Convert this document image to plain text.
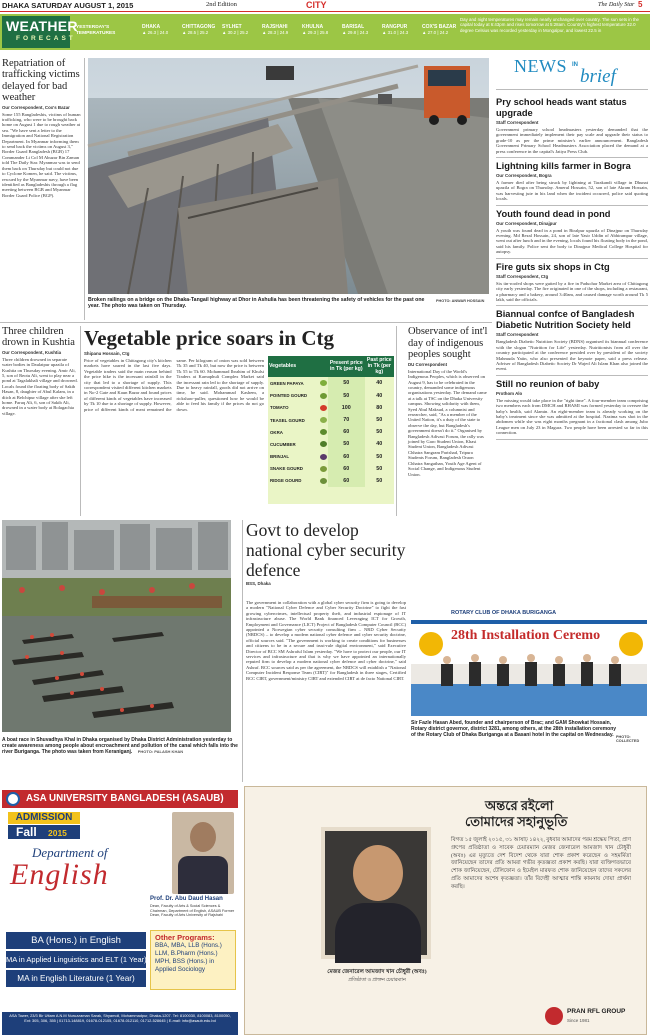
DHAKA SATURDAY AUGUST 1, 2015	2nd Edition	CITY	The Daily Star 5
WEATHER
FORECAST
YESTERDAY'S
TEMPERATURES
DHAKA
▲ 26.3 | 24.0
CHITTAGONG
▲ 28.5 | 25.2
SYLHET
▲ 30.2 | 25.2
RAJSHAHI
▲ 28.3 | 24.9
KHULNA
▲ 29.3 | 25.8
BARISAL
▲ 29.8 | 24.3
RANGPUR
▲ 31.0 | 24.3
COX'S BAZAR
▲ 27.0 | 24.2
Day and night temperatures may remain nearly unchanged over country. The sun sets in the capital today at 6:43pm and rises tomorrow at 5:28am. Country's highest temperature 32.0 degree Celsius was recorded yesterday in Mongalpur, and lowest 22.5 in
Repatriation of trafficking victims delayed for bad weather
Our Correspondent, Cox's Bazar
Some 155 Bangladeshis, victims of human trafficking, who were to be brought back home on August 1 due to rough weather at sea. "We have sent a letter to the Immigration and National Registration Department. In Myanmar informing them to send back the victims on August 3," Border Guard Bangladesh (BGB) 17 Commander Lt Col M Abuzar Bin Zaman told The Daily Star. Myanmar was to send them back on Thursday but could not due to Cyclone Komen, he said. The victims, rescued by the Myanmar navy, have been identified as Bangladeshis through a flag meeting between BGB and Myanmar Border Guard Police (BGP).
Broken railings on a bridge on the Dhaka-Tangail highway at Dhor in Ashulia has been threatening the safety of vehicles for the past one year. The photo was taken on Thursday.
PHOTO: ANWAR HOSSAIN
Three children drown in Kushtia
Our Correspondent, Kushtia
Three children drowned in separate water bodies in Daulatpur upazila of Kushtia on Thursday evening. Amir Ali, 5, son of Reotu Ali, went to play near a pond at Tagalakhali village and drowned. Locals found the floating body of Sakib Hasan, 8, daughter of Abul Kalam, in a ditch at Belchipur village after she left home. Faruq Ali, 6, son of Sakib Ali, drowned in a water body at Bolagachia village.
Vegetable price soars in Ctg
Shipanu Hossain, Ctg
Price of vegetables in Chittagong city's kitchen markets have soared in the last five days. Vegetable traders said the main reason behind the price hike is the incessant rainfall in the city that led to a shortage of supply. This correspondent visited different kitchen markets in No-2 Gate and Kaun Bazar and found prices of different kinds of vegetables have increased by Tk 10 due to a shortage of supply. However, price of different kinds of meat remained the same. Per kilogram of onion was sold between Tk 35 and Tk 40, but now the price is between Tk 55 to Tk 60. Mohammad Ibrahim of Khulsi Traders at Karnaphuli Complex Market said the incessant rain led to the shortage of supply. Due to heavy rainfall, goods did not arrive on time, he said. Mohammad Kashem, a rickshaw-puller, questioned how he would be able to feed his family if the prices do not go down.
Vegetables	Present price in Tk (per kg)	Past price in Tk (per kg)
GREEN PAPAYA	50	40
POINTED GOURD	50	40
TOMATO	100	80
TEASEL GOURD	70	50
OKRA	60	50
CUCUMBER	50	40
BRINJAL	60	50
SNAKE GOURD	60	50
RIDGE GOURD	60	50
Observance of int'l day of indigenous peoples sought
DU Correspondent
International Day of the World's Indigenous Peoples, which is observed on August 9, has to be celebrated in the country, demanded some indigenous organisations yesterday. The demand came at a talk at TSC on the Dhaka University campus. Showing solidarity with them, Syed Abul Maksud, a columnist and researcher, said, "As a member of the United Nation, it's a duty of the state to observe the day, but Bangladesh's government doesn't do it." Organised by Bangladesh Adivasi Forum, the rally was joined by Garo Student Union, Khasi Student Union, Bangladesh Adivasi Chhatra Sangram Parishad, Tripura Students Forum, Bangladesh Oraon Chhatra Sangathan, Youth Age Agent of Social Change, and Indigenous Student Union.
A boat race in Shuvadhya Khal in Dhaka organised by Dhaka District Administration yesterday to create awareness among people about encroachment and pollution of the canal which falls into the river Buriganga. The photo was taken from Keraniganj. PHOTO: PALASH KHAN
Govt to develop national cyber security defence
BSS, Dhaka
The government in collaboration with a global cyber security firm is going to develop a modern "National Cyber Defence and Cyber Security Doctrine" to fight the fast growing cybercrimes, intellectual property theft, and industrial espionage of IT infrastructure abuse. The World Bank financed Leveraging ICT for Growth, Employment and Governance (LICT) Project of Bangladesh Computer Council (BCC) appointed a Norwegian cyber security consulting firm – NRD Cyber Security (NRDCS) – to develop a modern national cyber defence and cyber security doctrine, official sources said. "The government is working to create conditions for businesses and citizens to be in a secure and trust-rule digital environment," said Executive Director of BCC SM Ashraful Islam yesterday. "We have to protect our people, our IT services and infrastructure and that is why we have appointed an internationally reputed firm to develop a modern national cyber defence and cyber doctrine," said Ashraf. BCC sources said as per the agreement, the NRDCS will establish a "National Computer Incident Response Team (CIRT)" for Bangladesh in three stages, Certified BCC CIRT, government/ministry CIRT and extended CIRT at de facto National CIRT.
ROTARY CLUB OF DHAKA BURIGANGA
28th Installation Ceremo
Sir Fazle Hasan Abed, founder and chairperson of Brac; and GAM Showkat Hossain, Rotary district governor, district 3281, among others, at the 28th installation ceremony of the Rotary Club of Dhaka Buriganga at a Basani hotel in the capital on Wednesday. PHOTO: COLLECTED
NEWS IN
brief
Pry school heads want status upgrade
Staff Correspondent
Government primary school headmasters yesterday demanded that the government immediately implement their pay scale and upgrade their status to grade-10 as per the prime minister's earlier announcement. Bangladesh Government Primary School Headmasters Association placed the demand at a press conference in the capital's Jatiya Press Club.
Lightning kills farmer in Bogra
Our Correspondent, Bogra
A farmer died after being struck by lightning at Tarakandi village in Dhunat upazila of Bogra on Thursday. Amerul Hossain, 52, son of late Akram Hossain, was harvesting jute in his land when the incident occurred, police said quoting locals.
Youth found dead in pond
Our Correspondent, Dinajpur
A youth was found dead in a pond in Biralpur upazila of Dinajpur on Thursday evening. Md Rezal Hossain, 24, son of late Yasir Uddin of Abhirampur village, went out after lunch and in the evening, locals found his floating body in the pond, said his family. Police sent the body to Dinajpur Medical College Hospital for autopsy.
Fire guts six shops in Ctg
Staff Correspondent, Ctg
Six tin-roofed shops were gutted by a fire in Paduchar Market area of Chittagong city early yesterday. The fire originated in one of the shops, including a restaurant, a pharmacy and a bakery, around 3:40am, and caused damage worth around Tk 5 lakh, said the officials.
Biannual confce of Bangladesh Diabetic Nutrition Society held
Staff Correspondent
Bangladesh Diabetic Nutrition Society (BDNS) organised its biannual conference with the slogan "Nutrition for Life" yesterday. Nutritionists from all over the country participated at the conference presided over by president of the society Mahmuda Yatin, who also presented the keynote paper, said a press release. Adviser of Bangladesh Diabetic Society Dr Wajed Ali Islam Khan also joined the event.
Still no reunion of baby
Prothom Alo
The missing would take place in the "right time". A four-member team comprising two members each from DMCH and RHAMI was formed yesterday to oversee the baby's health, said Alamin. An eight-member team is already working on the baby's treatment since she was admitted at the hospital. Nazima was shot in the abdomen while she was eight months pregnant in a factional clash among Jubo League men on July 23 in Magura. Two people have been arrested so far in this connection.
ASA UNIVERSITY BANGLADESH (ASAUB)
ADMISSION
Fall 2015
Department of
English
Prof. Dr. Abu Daud Hasan
Dean, Faculty of Arts & Social Sciences & Chairman, Department of English, ASAUB Former Dean, Faculty of Arts University of Rajshahi
BA (Hons.) in English
MA in Applied Linguistics and ELT (1 Year)
MA in English Literature (1 Year)
Other Programs:
BBA, MBA, LLB (Hons.)
LLM, B.Pharm (Hons.)
MPH, BSS (Hons.) in
Applied Sociology
ASA Tower, 23/3 Bir Uttam A.N.M Nuruzzaman Sarak, Shyamoli, Mohammadpur, Dhaka-1207. Tel: 8100030, 8100083, 8100050, Ext: 305, 306, 355 | 01713-148819, 01678-012105, 01678-012110, 01712-528645 | E-mail: info@asaub.edu.bd
অন্তরে রইলো
তোমাদের সহানুভূতি
বিগত ১৫ জুলাই ২০১৫, ৩১ আষাঢ় ১৪২২, বুধবার আমাদের পরম শ্রদ্ধেয় পিতা, প্রাণ গ্রুপের প্রতিষ্ঠাতা ও সাবেক চেয়ারম্যান মেজর জেনারেল আমজাদ খান চৌধুরী (অবঃ) এর মৃত্যুতে দেশ বিদেশ থেকে যারা শোক প্রকাশ করেছেন ও সহমর্মিতা জানিয়েছেন তাদের প্রতি আমরা গভীর কৃতজ্ঞতা প্রকাশ করছি। যারা ব্যক্তিগতভাবে শোক জানিয়েছেন, টেলিফোন ও ইমেইল মারফত শোক জানিয়েছেন তাদের সকলের প্রতি আমাদের অশেষ কৃতজ্ঞতা। তাঁর বিদেহী আত্মার শান্তি কামনায় দোয়া প্রার্থনা করছি।
মেজর জেনারেল আমজাদ খান চৌধুরী (অবঃ)
প্রতিষ্ঠাতা ও প্রাক্তন চেয়ারম্যান
PRAN RFL GROUP
Since 1981
